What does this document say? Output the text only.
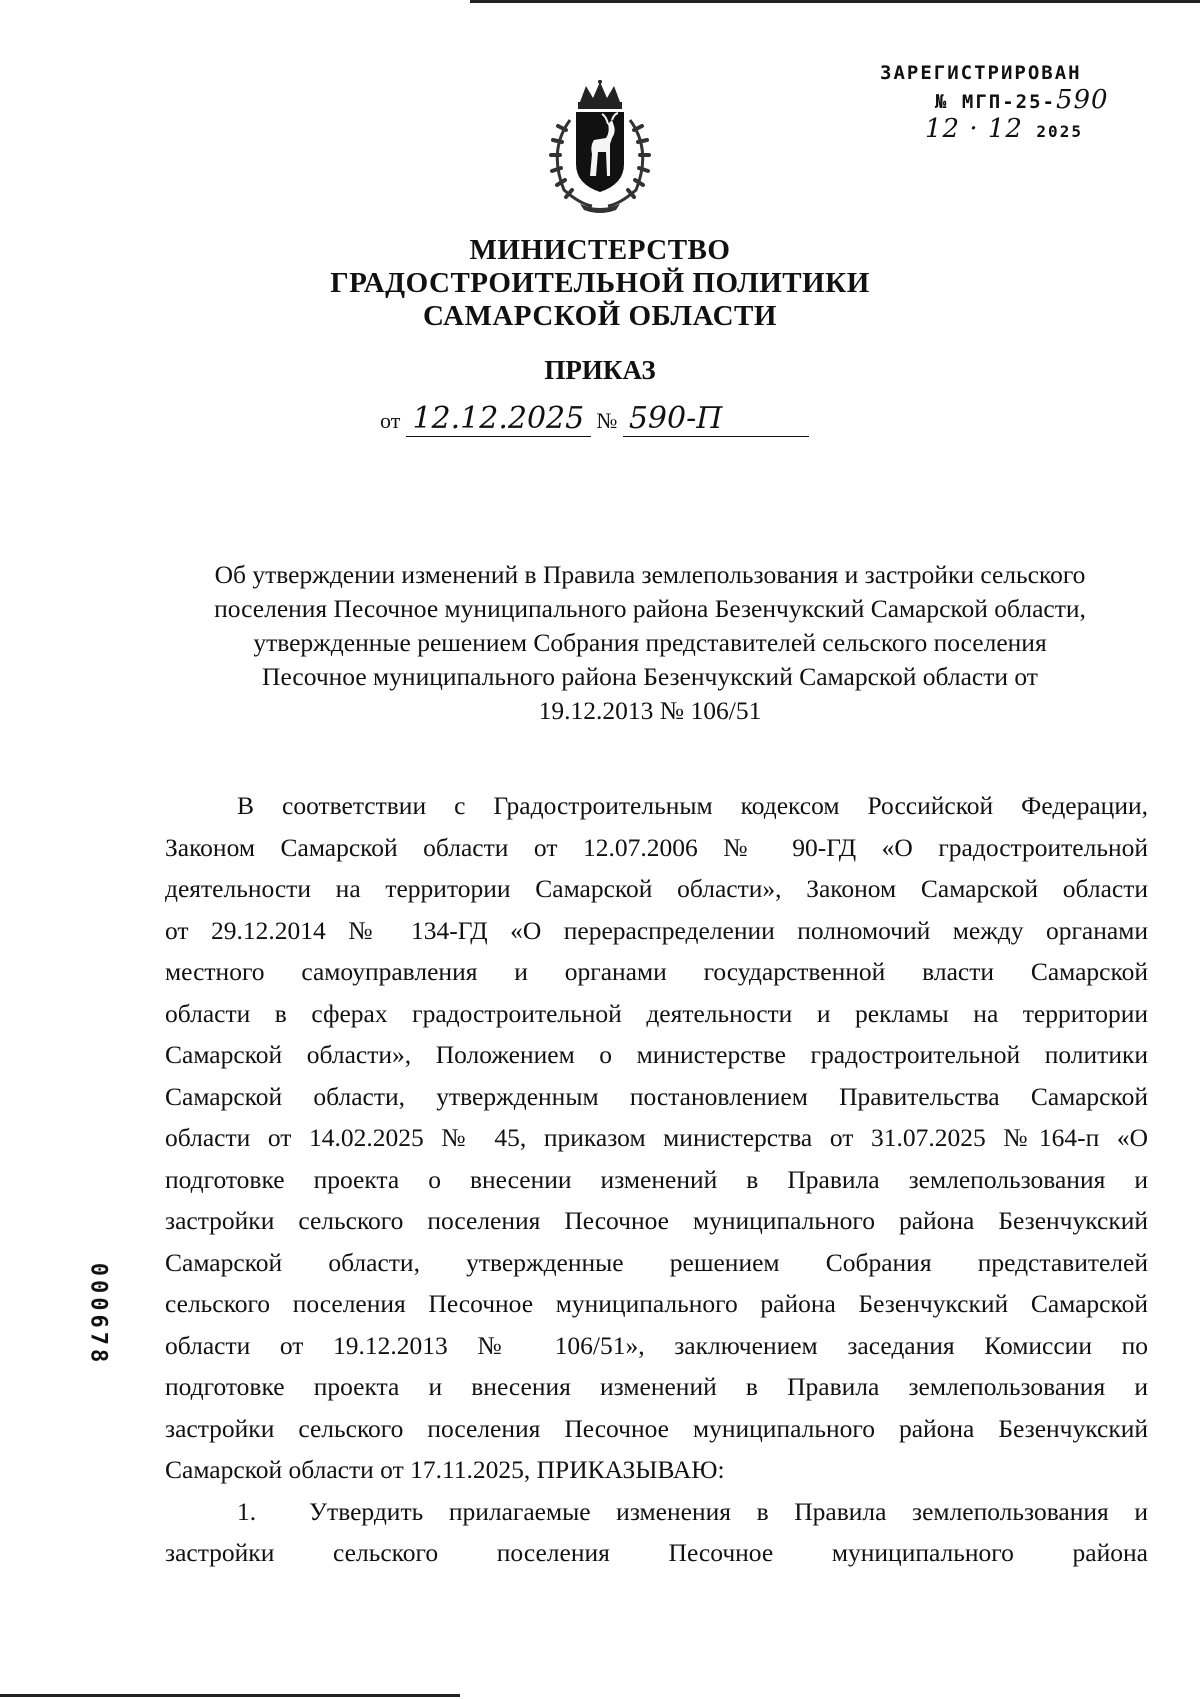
ЗАРЕГИСТРИРОВАН
№ МГП-25-590
12 · 12 2025
МИНИСТЕРСТВО
ГРАДОСТРОИТЕЛЬНОЙ ПОЛИТИКИ
САМАРСКОЙ ОБЛАСТИ
ПРИКАЗ
от 12.12.2025 № 590-П
Об утверждении изменений в Правила землепользования и застройки сельского
поселения Песочное муниципального района Безенчукский Самарской области,
утвержденные решением Собрания представителей сельского поселения
Песочное муниципального района Безенчукский Самарской области от
19.12.2013 № 106/51
В соответствии с Градостроительным кодексом Российской Федерации,
Законом Самарской области от 12.07.2006 № 90-ГД «О градостроительной
деятельности на территории Самарской области», Законом Самарской области
от 29.12.2014 № 134-ГД «О перераспределении полномочий между органами
местного самоуправления и органами государственной власти Самарской
области в сферах градостроительной деятельности и рекламы на территории
Самарской области», Положением о министерстве градостроительной политики
Самарской области, утвержденным постановлением Правительства Самарской
области от 14.02.2025 № 45, приказом министерства от 31.07.2025 №164-п «О
подготовке проекта о внесении изменений в Правила землепользования и
застройки сельского поселения Песочное муниципального района Безенчукский
Самарской области, утвержденные решением Собрания представителей
сельского поселения Песочное муниципального района Безенчукский Самарской
области от 19.12.2013 № 106/51», заключением заседания Комиссии по
подготовке проекта и внесения изменений в Правила землепользования и
застройки сельского поселения Песочное муниципального района Безенчукский
Самарской области от 17.11.2025, ПРИКАЗЫВАЮ:
1. Утвердить прилагаемые изменения в Правила землепользования и
застройки сельского поселения Песочное муниципального района
000678
